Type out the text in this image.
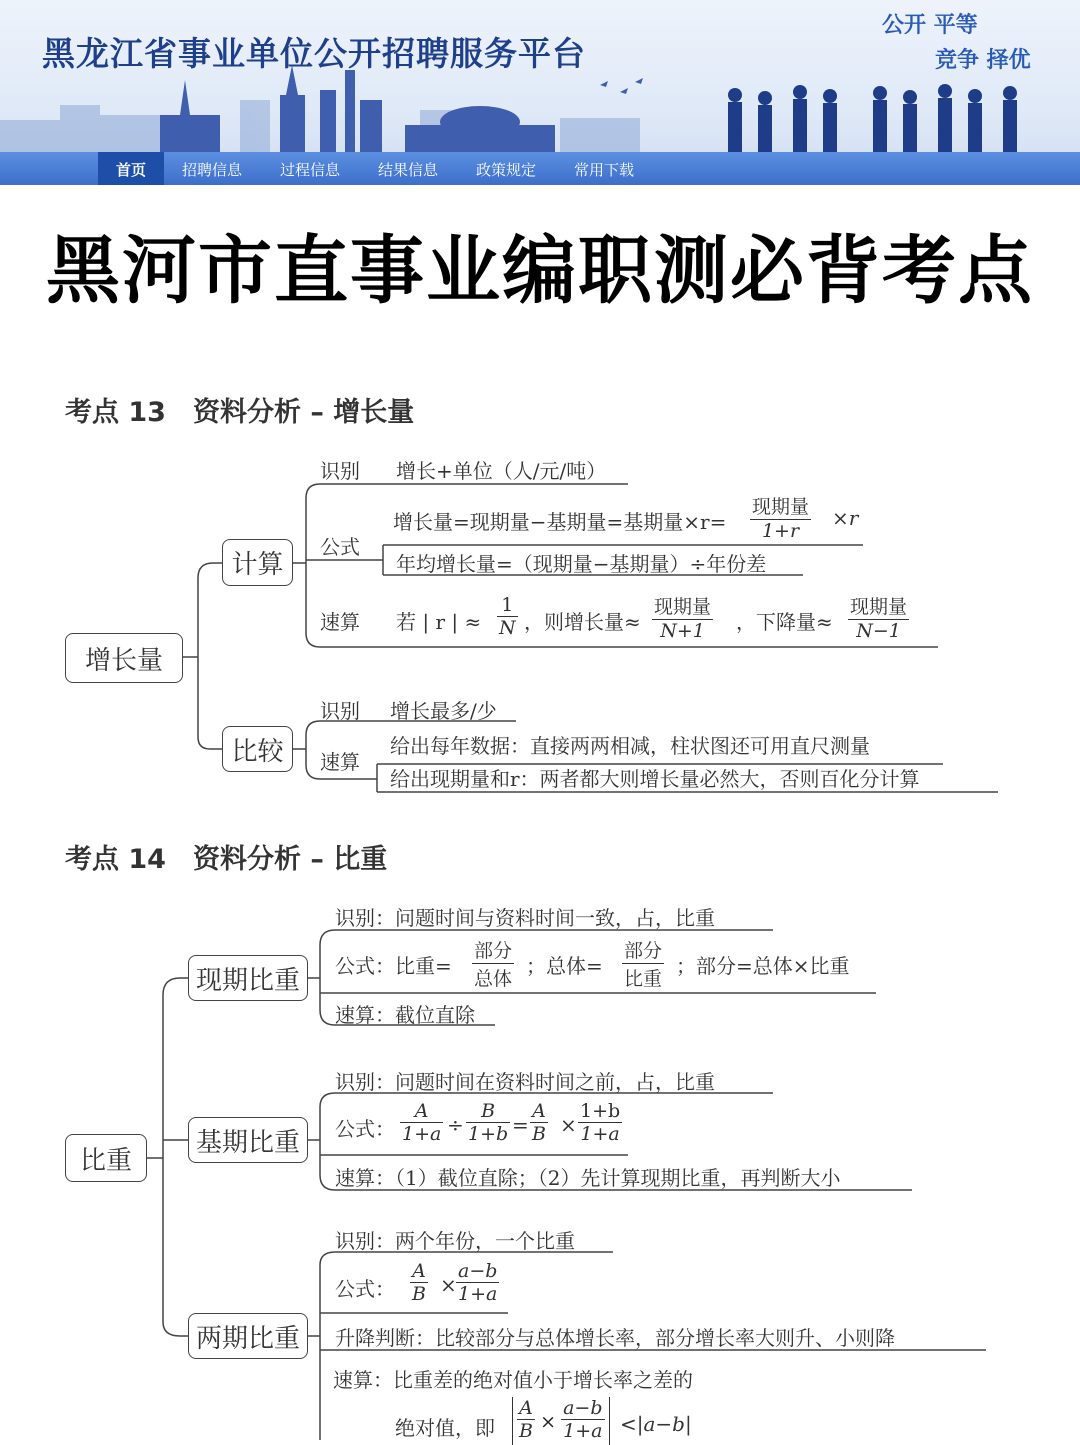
黑龙江省事业单位公开招聘服务平台
公开 平等
竞争 择优
首页 招聘信息	过程信息	结果信息	政策规定	常用下载
黑河市直事业编职测必背考点
考点 13　资料分析 – 增长量
增长量
计算
比较
识别 增长+单位（人/元/吨）
公式
增长量=现期量−基期量=基期量×r=
现期量
1+r
×r
年均增长量=（现期量−基期量）÷年份差
速算 若 | r | ≈ $\frac{1}{N}$ ，则增长量≈
现期量
N+1	，下降量≈
现期量
N−1
识别 增长最多/少
速算
给出每年数据：直接两两相减，柱状图还可用直尺测量
给出现期量和r：两者都大则增长量必然大，否则百化分计算
考点 14　资料分析 – 比重
比重
现期比重
基期比重
两期比重
识别：问题时间与资料时间一致，占，比重
公式：比重=
部分
总体
；总体=
部分
比重
；部分=总体×比重
速算：截位直除
识别：问题时间在资料时间之前，占，比重
公式： $\frac{A}{1+a} \div \frac{B}{1+b} = \frac{A}{B} \times \frac{1+b}{1+a}$
速算：（1）截位直除；（2）先计算现期比重，再判断大小
识别：两个年份，一个比重
公式： $\frac{A}{B} \times \frac{a-b}{1+a}$
升降判断：比较部分与总体增长率，部分增长率大则升、小则降
速算：比重差的绝对值小于增长率之差的
绝对值，即 $\frac{A}{B} \times \frac{a-b}{1+a} <|a-b|$
